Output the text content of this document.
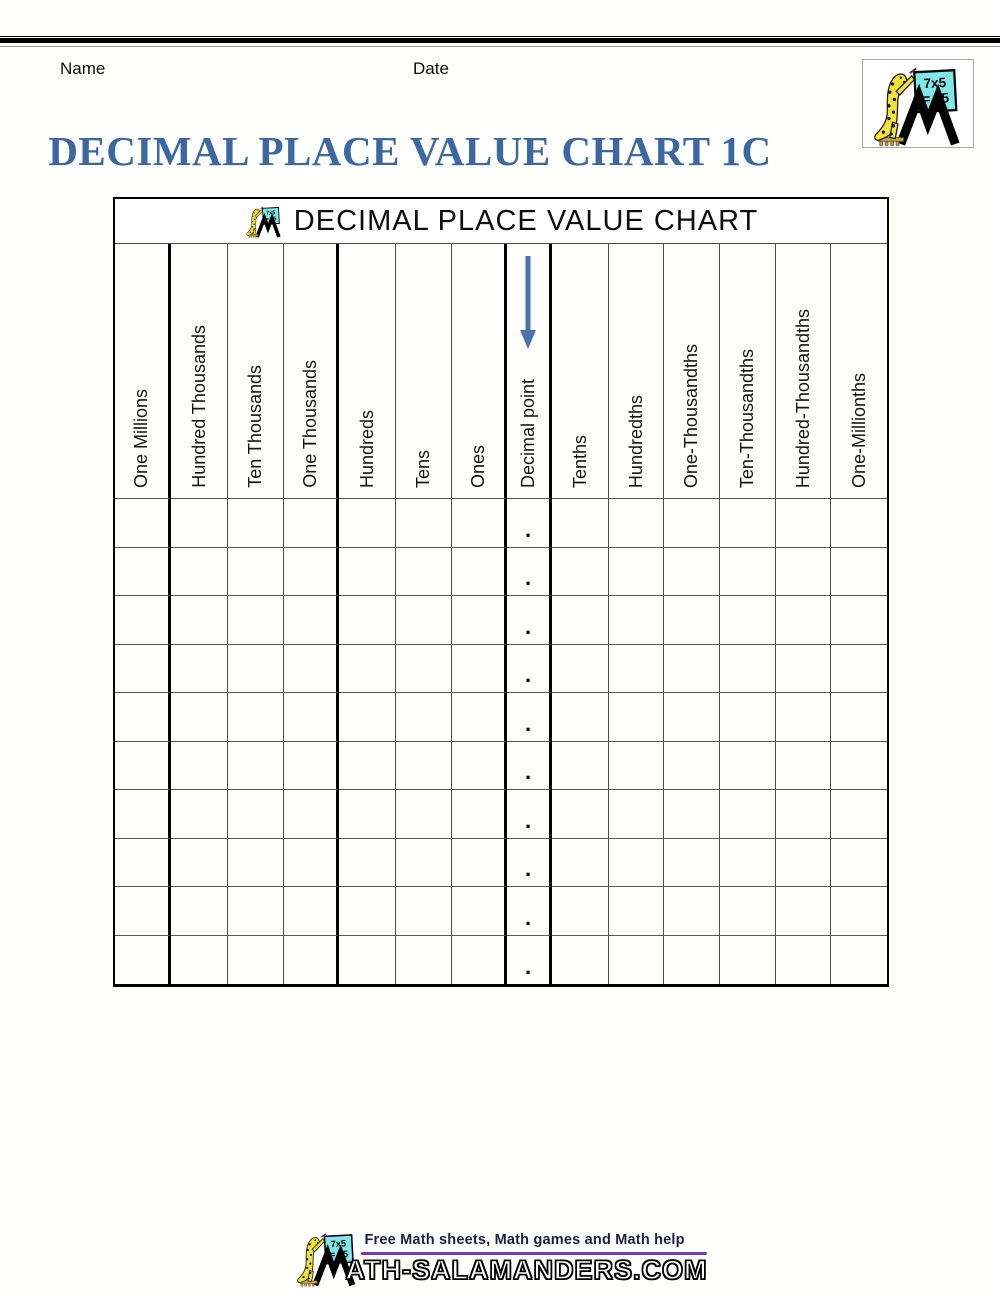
Name	Date
DECIMAL PLACE VALUE CHART 1C
DECIMAL PLACE VALUE CHART
One Millions Hundred Thousands Ten Thousands One Thousands Hundreds Tens Ones Decimal point Tenths Hundredths One-Thousandths Ten-Thousandths Hundred-Thousandths One-Millionths
.
.
.
.
.
.
.
.
.
.
Free Math sheets, Math games and Math help
ATH-SALAMANDERS.COM
